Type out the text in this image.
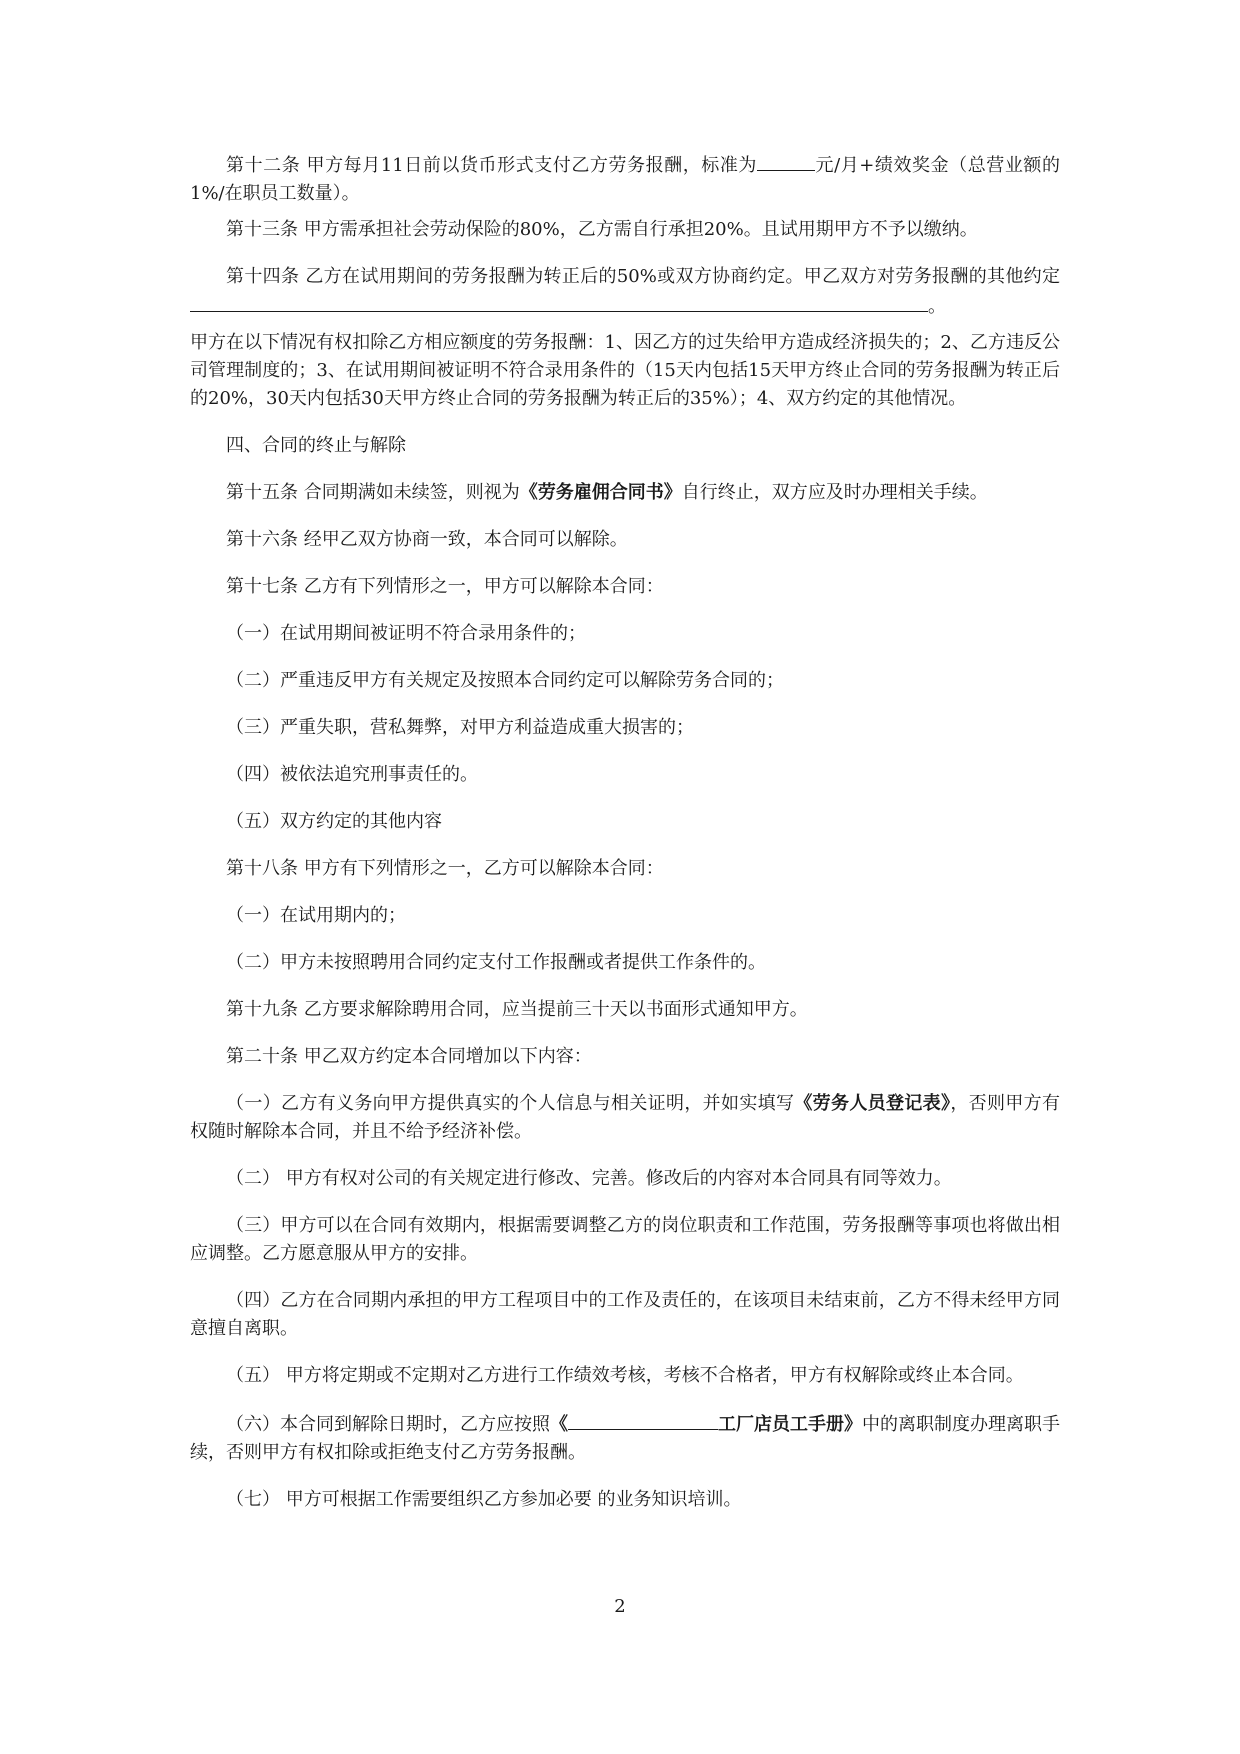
第十二条 甲方每月11日前以货币形式支付乙方劳务报酬，标准为	元/月+绩效奖金（总营业额的1%/在职员工数量）。

第十三条 甲方需承担社会劳动保险的80%，乙方需自行承担20%。且试用期甲方不予以缴纳。

第十四条 乙方在试用期间的劳务报酬为转正后的50%或双方协商约定。甲乙双方对劳务报酬的其他约定。

甲方在以下情况有权扣除乙方相应额度的劳务报酬：1、因乙方的过失给甲方造成经济损失的；2、乙方违反公司管理制度的；3、在试用期间被证明不符合录用条件的（15天内包括15天甲方终止合同的劳务报酬为转正后的20%，30天内包括30天甲方终止合同的劳务报酬为转正后的35%）；4、双方约定的其他情况。

四、合同的终止与解除

第十五条 合同期满如未续签，则视为《劳务雇佣合同书》自行终止，双方应及时办理相关手续。

第十六条 经甲乙双方协商一致，本合同可以解除。

第十七条 乙方有下列情形之一，甲方可以解除本合同：

（一）在试用期间被证明不符合录用条件的；

（二）严重违反甲方有关规定及按照本合同约定可以解除劳务合同的；

（三）严重失职，营私舞弊，对甲方利益造成重大损害的；

（四）被依法追究刑事责任的。

（五）双方约定的其他内容

第十八条 甲方有下列情形之一，乙方可以解除本合同：

（一）在试用期内的；

（二）甲方未按照聘用合同约定支付工作报酬或者提供工作条件的。

第十九条 乙方要求解除聘用合同，应当提前三十天以书面形式通知甲方。

第二十条 甲乙双方约定本合同增加以下内容：

（一）乙方有义务向甲方提供真实的个人信息与相关证明，并如实填写《劳务人员登记表》，否则甲方有权随时解除本合同，并且不给予经济补偿。

（二） 甲方有权对公司的有关规定进行修改、完善。修改后的内容对本合同具有同等效力。

（三）甲方可以在合同有效期内，根据需要调整乙方的岗位职责和工作范围，劳务报酬等事项也将做出相应调整。乙方愿意服从甲方的安排。

（四）乙方在合同期内承担的甲方工程项目中的工作及责任的，在该项目未结束前，乙方不得未经甲方同意擅自离职。

（五） 甲方将定期或不定期对乙方进行工作绩效考核，考核不合格者，甲方有权解除或终止本合同。

（六）本合同到解除日期时，乙方应按照《	工厂店员工手册》中的离职制度办理离职手续，否则甲方有权扣除或拒绝支付乙方劳务报酬。

（七） 甲方可根据工作需要组织乙方参加必要 的业务知识培训。

2
